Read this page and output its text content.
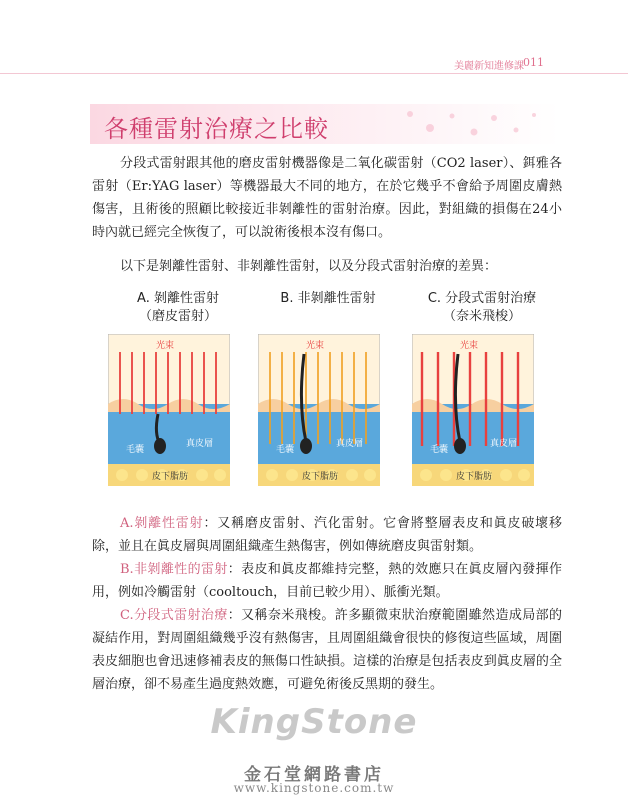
美麗新知進修課 011
各種雷射治療之比較
分段式雷射跟其他的磨皮雷射機器像是二氧化碳雷射（CO2 laser）、鉺雅各雷射（Er:YAG laser）等機器最大不同的地方，在於它幾乎不會給予周圍皮膚熱傷害，且術後的照顧比較接近非剝離性的雷射治療。因此，對組織的損傷在24小時內就已經完全恢復了，可以說術後根本沒有傷口。
以下是剝離性雷射、非剝離性雷射，以及分段式雷射治療的差異：
A. 剝離性雷射
（磨皮雷射）
光束
毛囊
真皮層
皮下脂肪
B. 非剝離性雷射
光束
毛囊
真皮層
皮下脂肪
C. 分段式雷射治療
（奈米飛梭）
光束
毛囊
真皮層
皮下脂肪
A.剝離性雷射：又稱磨皮雷射、汽化雷射。它會將整層表皮和眞皮破壞移除，並且在眞皮層與周圍組織產生熱傷害，例如傳統磨皮與雷射類。
B.非剝離性的雷射：表皮和眞皮都維持完整，熱的效應只在眞皮層內發揮作用，例如冷觸雷射（cooltouch，目前已較少用）、脈衝光類。
C.分段式雷射治療：又稱奈米飛梭。許多顯微束狀治療範圍雖然造成局部的凝結作用，對周圍組織幾乎沒有熱傷害，且周圍組織會很快的修復這些區域，周圍表皮細胞也會迅速修補表皮的無傷口性缺損。這樣的治療是包括表皮到眞皮層的全層治療，卻不易產生過度熱效應，可避免術後反黑期的發生。
KingStone
金石堂網路書店
www.kingstone.com.tw
